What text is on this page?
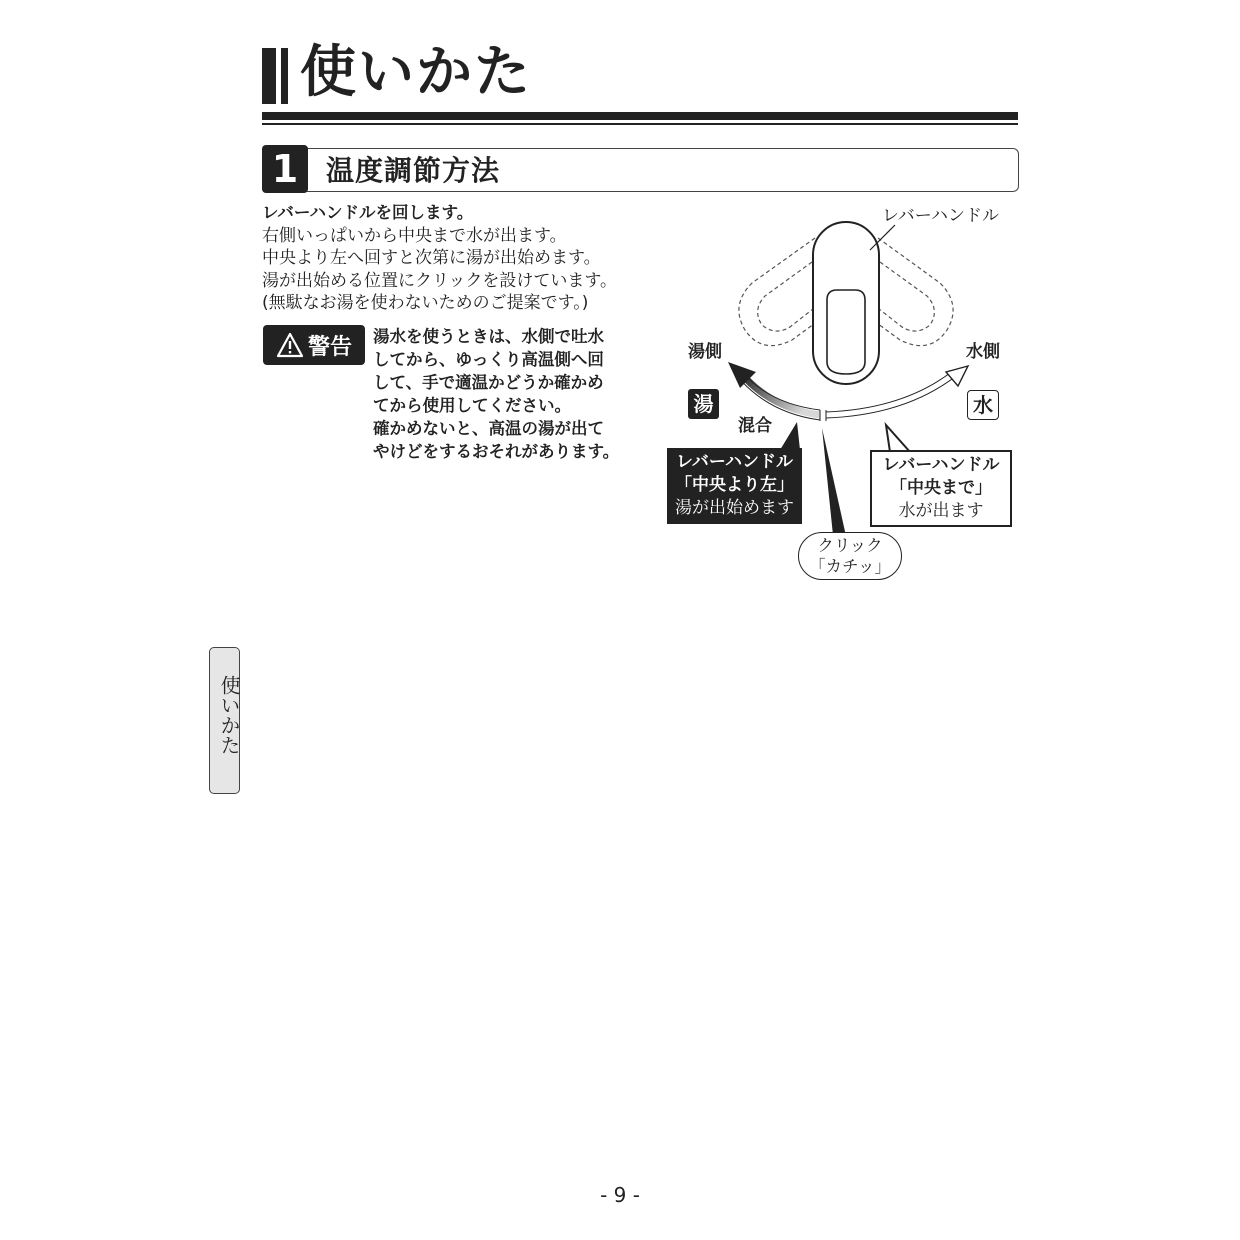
使いかた
1 温度調節方法
レバーハンドルを回します。
右側いっぱいから中央まで水が出ます。
中央より左へ回すと次第に湯が出始めます。
湯が出始める位置にクリックを設けています。
(無駄なお湯を使わないためのご提案です。)
警告 湯水を使うときは、水側で吐水
してから、ゆっくり高温側へ回
して、手で適温かどうか確かめ
てから使用してください。
確かめないと、高温の湯が出て
やけどをするおそれがあります。
レバーハンドル
湯側	水側
湯	水
混合
レバーハンドル
「中央より左」
湯が出始めます
レバーハンドル
「中央まで」
水が出ます
クリック
「カチッ」
使いかた
- 9 -
